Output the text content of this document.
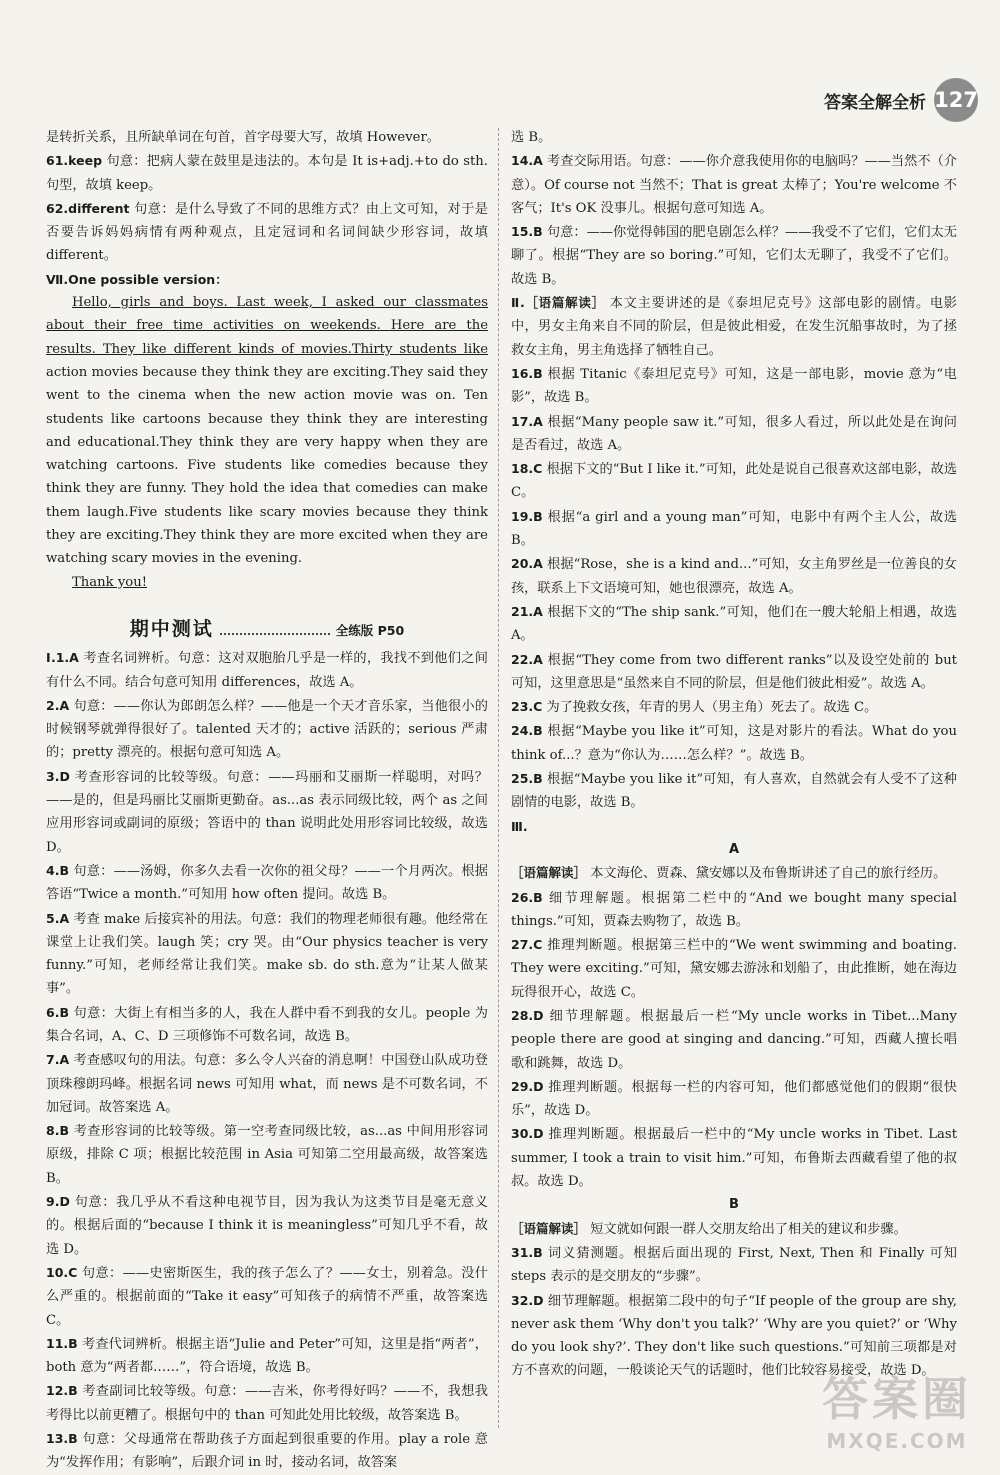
答案全解全析 127

是转折关系，且所缺单词在句首，首字母要大写，故填 However。

61.keep 句意：把病人蒙在鼓里是违法的。本句是 It is+adj.+to do sth. 句型，故填 keep。

62.different 句意：是什么导致了不同的思维方式？由上文可知，对于是否要告诉妈妈病情有两种观点，且定冠词和名词间缺少形容词，故填 different。

Ⅶ.One possible version：

Hello, girls and boys. Last week, I asked our classmates about their free time activities on weekends. Here are the results. They like different kinds of movies.Thirty students like action movies because they think they are exciting.They said they went to the cinema when the new action movie was on. Ten students like cartoons because they think they are interesting and educational.They think they are very happy when they are watching cartoons. Five students like comedies because they think they are funny. They hold the idea that comedies can make them laugh.Five students like scary movies because they think they are exciting.They think they are more excited when they are watching scary movies in the evening.

Thank you!

期中测试	全练版 P50

Ⅰ.1.A 考查名词辨析。句意：这对双胞胎几乎是一样的，我找不到他们之间有什么不同。结合句意可知用 differences，故选 A。

2.A 句意：——你认为郎朗怎么样？——他是一个天才音乐家，当他很小的时候钢琴就弹得很好了。talented 天才的；active 活跃的；serious 严肃的；pretty 漂亮的。根据句意可知选 A。

3.D 考查形容词的比较等级。句意：——玛丽和艾丽斯一样聪明，对吗？——是的，但是玛丽比艾丽斯更勤奋。as...as 表示同级比较，两个 as 之间应用形容词或副词的原级；答语中的 than 说明此处用形容词比较级，故选 D。

4.B 句意：——汤姆，你多久去看一次你的祖父母？——一个月两次。根据答语“Twice a month.”可知用 how often 提问。故选 B。

5.A 考查 make 后接宾补的用法。句意：我们的物理老师很有趣。他经常在课堂上让我们笑。laugh 笑；cry 哭。由“Our physics teacher is very funny.”可知，老师经常让我们笑。make sb. do sth.意为“让某人做某事”。

6.B 句意：大街上有相当多的人，我在人群中看不到我的女儿。people 为集合名词，A、C、D 三项修饰不可数名词，故选 B。

7.A 考查感叹句的用法。句意：多么令人兴奋的消息啊！中国登山队成功登顶珠穆朗玛峰。根据名词 news 可知用 what，而 news 是不可数名词，不加冠词。故答案选 A。

8.B 考查形容词的比较等级。第一空考查同级比较，as...as 中间用形容词原级，排除 C 项；根据比较范围 in Asia 可知第二空用最高级，故答案选 B。

9.D 句意：我几乎从不看这种电视节目，因为我认为这类节目是毫无意义的。根据后面的“because I think it is meaningless”可知几乎不看，故选 D。

10.C 句意：——史密斯医生，我的孩子怎么了？——女士，别着急。没什么严重的。根据前面的“Take it easy”可知孩子的病情不严重，故答案选 C。

11.B 考查代词辨析。根据主语“Julie and Peter”可知，这里是指“两者”，both 意为“两者都……”，符合语境，故选 B。

12.B 考查副词比较等级。句意：——吉米，你考得好吗？——不，我想我考得比以前更糟了。根据句中的 than 可知此处用比较级，故答案选 B。

13.B 句意：父母通常在帮助孩子方面起到很重要的作用。play a role 意为“发挥作用；有影响”，后跟介词 in 时，接动名词，故答案

选 B。

14.A 考查交际用语。句意：——你介意我使用你的电脑吗？——当然不（介意）。Of course not 当然不；That is great 太棒了；You're welcome 不客气；It's OK 没事儿。根据句意可知选 A。

15.B 句意：——你觉得韩国的肥皂剧怎么样？——我受不了它们，它们太无聊了。根据“They are so boring.”可知，它们太无聊了，我受不了它们。故选 B。

Ⅱ.［语篇解读］ 本文主要讲述的是《泰坦尼克号》这部电影的剧情。电影中，男女主角来自不同的阶层，但是彼此相爱，在发生沉船事故时，为了拯救女主角，男主角选择了牺牲自己。

16.B 根据 Titanic《泰坦尼克号》可知，这是一部电影，movie 意为“电影”，故选 B。

17.A 根据“Many people saw it.”可知，很多人看过，所以此处是在询问是否看过，故选 A。

18.C 根据下文的“But I like it.”可知，此处是说自己很喜欢这部电影，故选 C。

19.B 根据“a girl and a young man”可知，电影中有两个主人公，故选 B。

20.A 根据“Rose，she is a kind and...”可知，女主角罗丝是一位善良的女孩，联系上下文语境可知，她也很漂亮，故选 A。

21.A 根据下文的“The ship sank.”可知，他们在一艘大轮船上相遇，故选 A。

22.A 根据“They come from two different ranks”以及设空处前的 but 可知，这里意思是“虽然来自不同的阶层，但是他们彼此相爱”。故选 A。

23.C 为了挽救女孩，年青的男人（男主角）死去了。故选 C。

24.B 根据“Maybe you like it”可知，这是对影片的看法。What do you think of...？意为“你认为……怎么样？”。故选 B。

25.B 根据“Maybe you like it”可知，有人喜欢，自然就会有人受不了这种剧情的电影，故选 B。

Ⅲ.

A

［语篇解读］ 本文海伦、贾森、黛安娜以及布鲁斯讲述了自己的旅行经历。

26.B 细节理解题。根据第二栏中的“And we bought many special things.”可知，贾森去购物了，故选 B。

27.C 推理判断题。根据第三栏中的“We went swimming and boating. They were exciting.”可知，黛安娜去游泳和划船了，由此推断，她在海边玩得很开心，故选 C。

28.D 细节理解题。根据最后一栏“My uncle works in Tibet...Many people there are good at singing and dancing.”可知，西藏人擅长唱歌和跳舞，故选 D。

29.D 推理判断题。根据每一栏的内容可知，他们都感觉他们的假期“很快乐”，故选 D。

30.D 推理判断题。根据最后一栏中的“My uncle works in Tibet. Last summer, I took a train to visit him.”可知，布鲁斯去西藏看望了他的叔叔。故选 D。

B

［语篇解读］ 短文就如何跟一群人交朋友给出了相关的建议和步骤。

31.B 词义猜测题。根据后面出现的 First, Next, Then 和 Finally 可知 steps 表示的是交朋友的“步骤”。

32.D 细节理解题。根据第二段中的句子“If people of the group are shy, never ask them ‘Why don't you talk?’ ‘Why are you quiet?’ or ‘Why do you look shy?’. They don't like such questions.”可知前三项都是对方不喜欢的问题，一般谈论天气的话题时，他们比较容易接受，故选 D。

答案圈
MXQE.COM
